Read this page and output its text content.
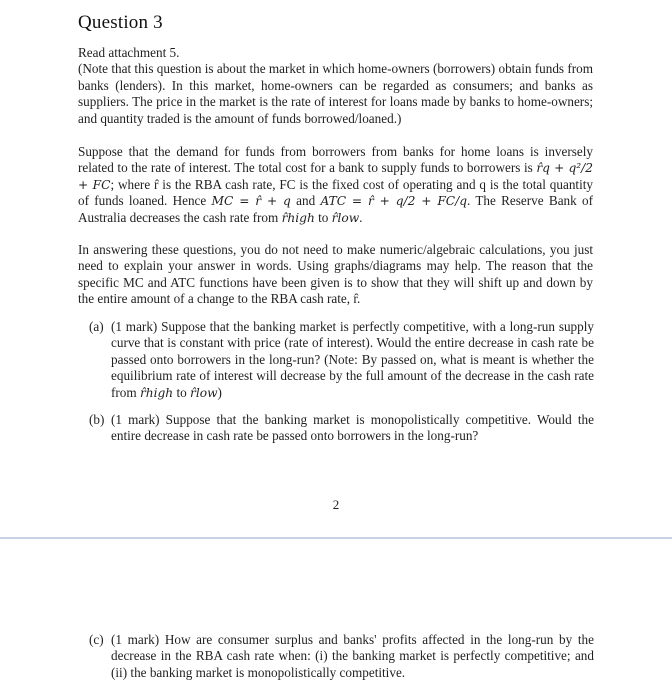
Question 3

Read attachment 5.

(Note that this question is about the market in which home-owners (borrowers) obtain funds from banks (lenders). In this market, home-owners can be regarded as consumers; and banks as suppliers. The price in the market is the rate of interest for loans made by banks to home-owners; and quantity traded is the amount of funds borrowed/loaned.)

Suppose that the demand for funds from borrowers from banks for home loans is inversely related to the rate of interest. The total cost for a bank to supply funds to borrowers is r̂q + q²/2 + FC; where r̂ is the RBA cash rate, FC is the fixed cost of operating and q is the total quantity of funds loaned. Hence MC = r̂ + q and ATC = r̂ + q/2 + FC/q. The Reserve Bank of Australia decreases the cash rate from r̂high to r̂low.

In answering these questions, you do not need to make numeric/algebraic calculations, you just need to explain your answer in words. Using graphs/diagrams may help. The reason that the specific MC and ATC functions have been given is to show that they will shift up and down by the entire amount of a change to the RBA cash rate, r̂.

(a) (1 mark) Suppose that the banking market is perfectly competitive, with a long-run supply curve that is constant with price (rate of interest). Would the entire decrease in cash rate be passed onto borrowers in the long-run? (Note: By passed on, what is meant is whether the equilibrium rate of interest will decrease by the full amount of the decrease in the cash rate from r̂high to r̂low)
(b) (1 mark) Suppose that the banking market is monopolistically competitive. Would the entire decrease in cash rate be passed onto borrowers in the long-run?
2
(c) (1 mark) How are consumer surplus and banks' profits affected in the long-run by the decrease in the RBA cash rate when: (i) the banking market is perfectly competitive; and (ii) the banking market is monopolistically competitive.
